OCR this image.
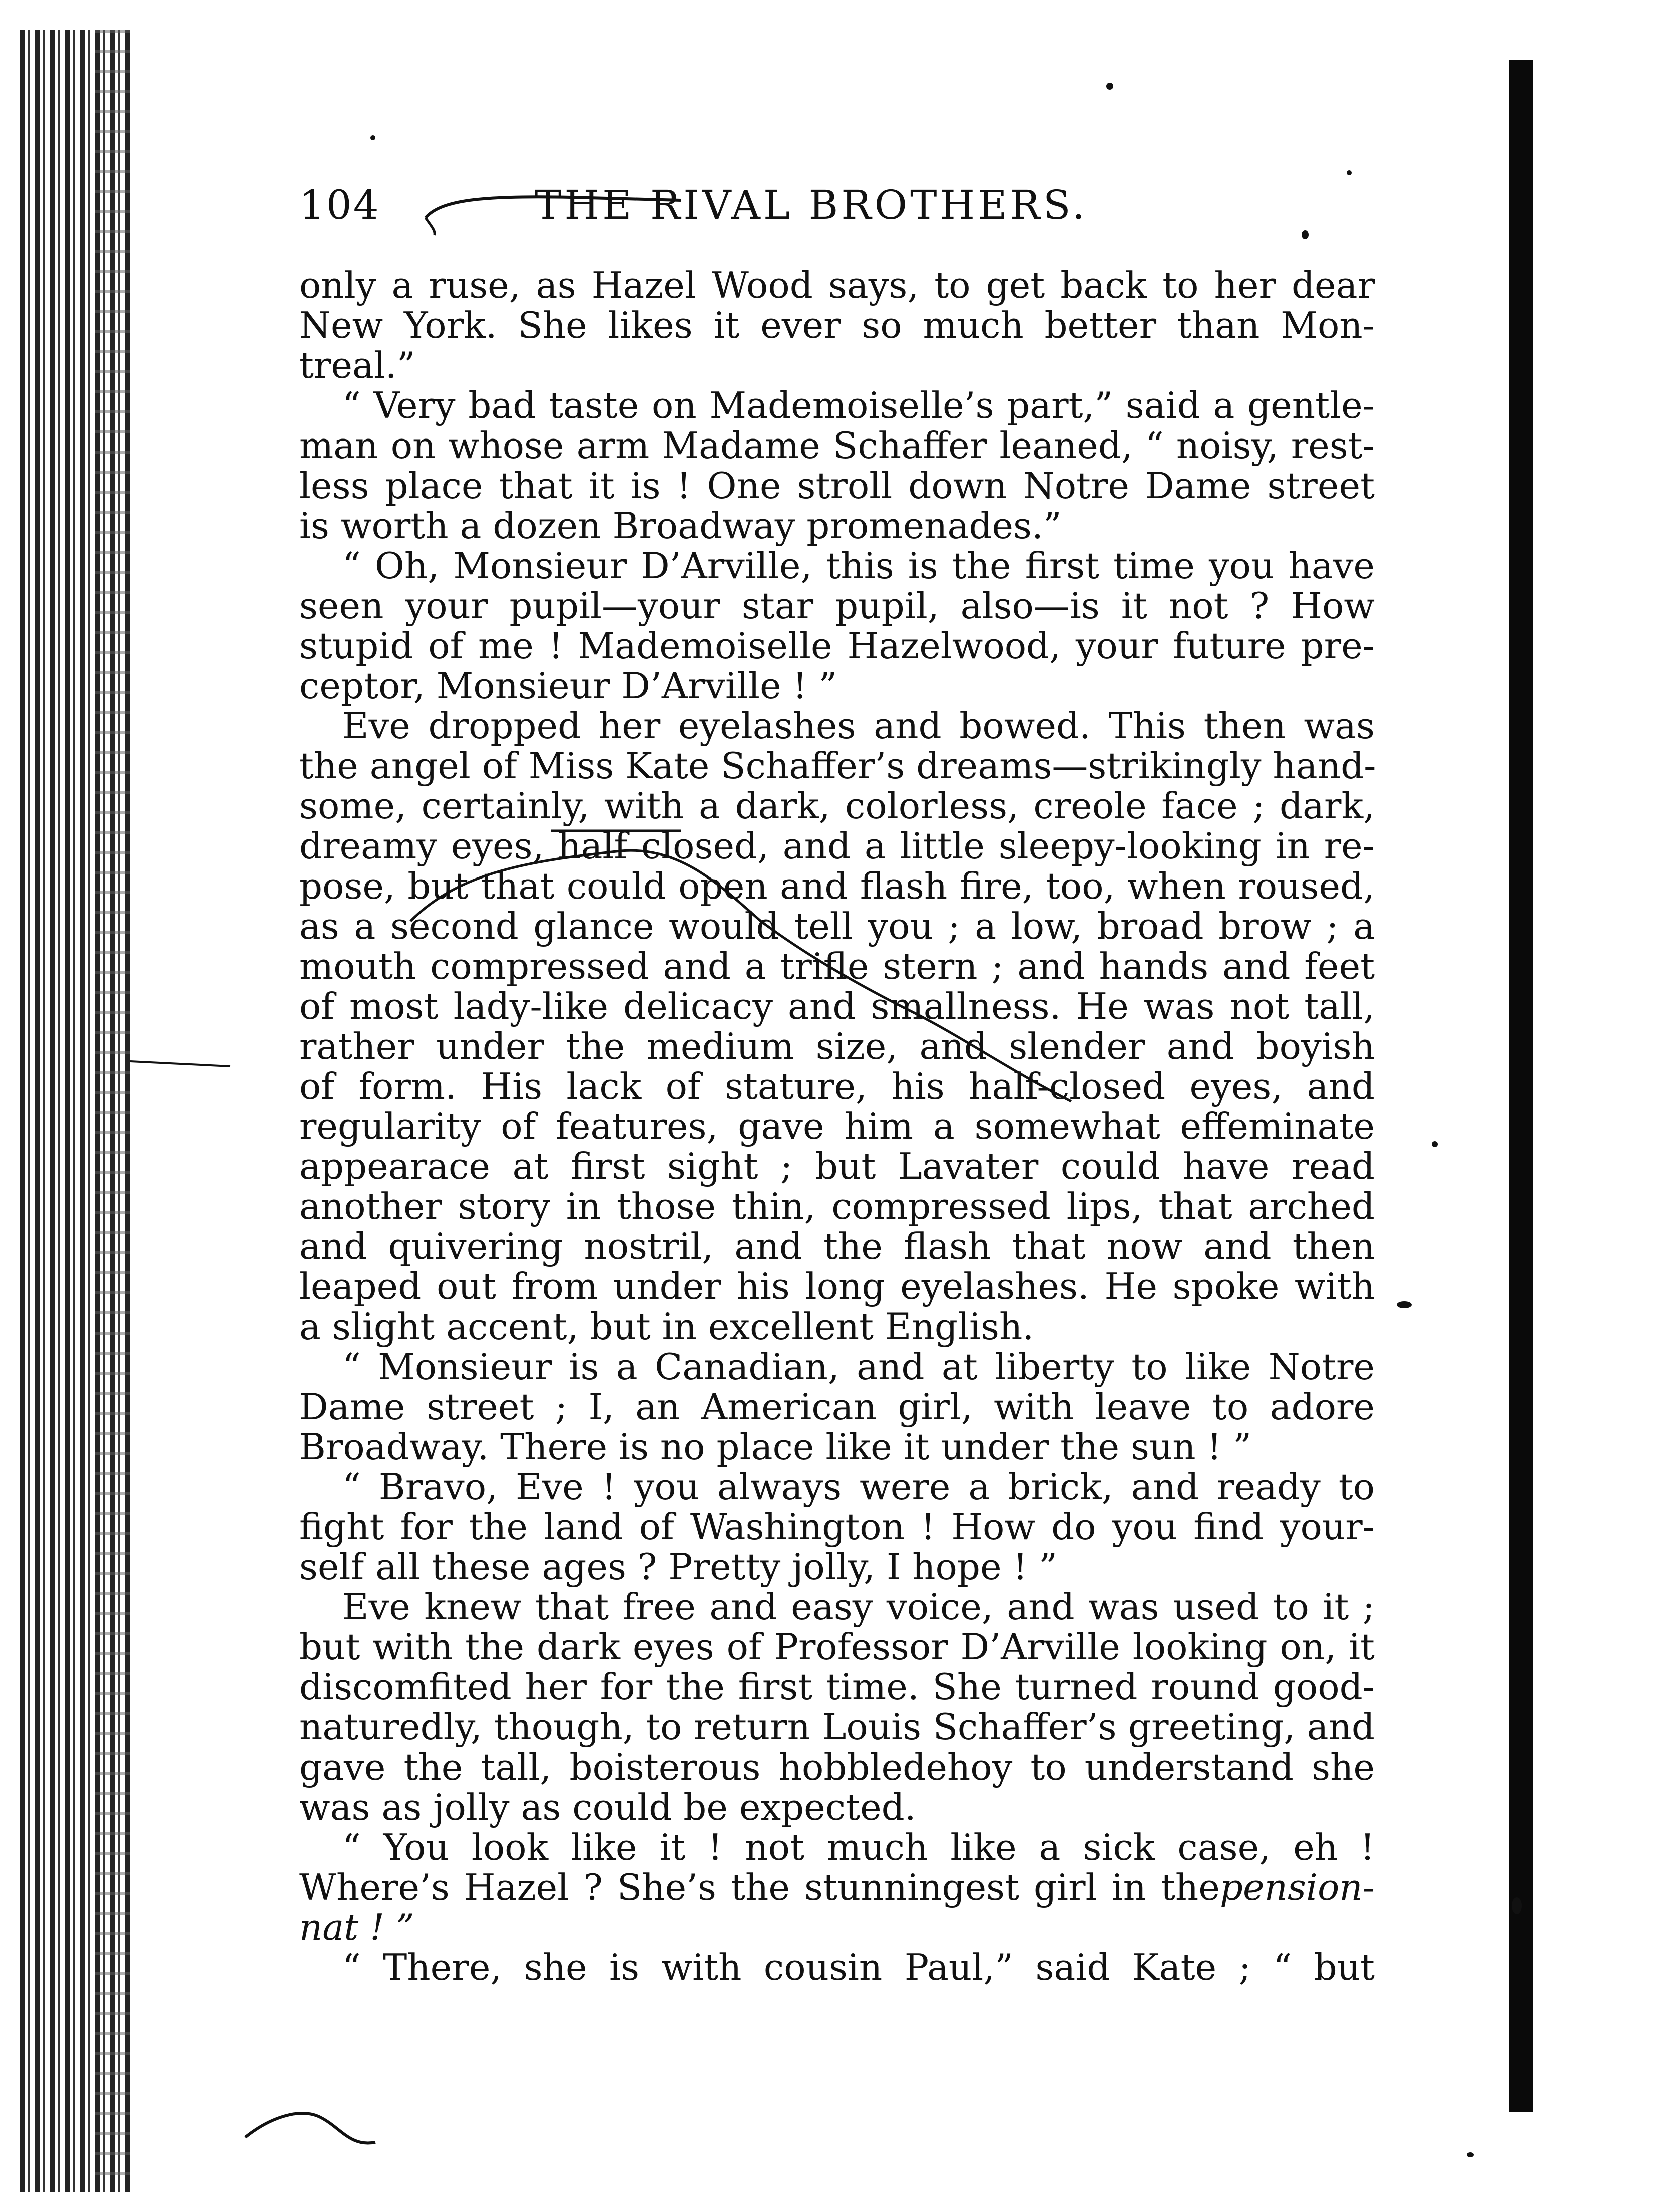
104	THE RIVAL BROTHERS.
only a ruse, as Hazel Wood says, to get back to her dear
New York. She likes it ever so much better than Mon-
treal.”
“ Very bad taste on Mademoiselle’s part,” said a gentle-
man on whose arm Madame Schaffer leaned, “ noisy, rest-
less place that it is ! One stroll down Notre Dame street
is worth a dozen Broadway promenades.”
“ Oh, Monsieur D’Arville, this is the first time you have
seen your pupil—your star pupil, also—is it not ? How
stupid of me ! Mademoiselle Hazelwood, your future pre-
ceptor, Monsieur D’Arville ! ”
Eve dropped her eyelashes and bowed. This then was
the angel of Miss Kate Schaffer’s dreams—strikingly hand-
some, certainly, with a dark, colorless, creole face ; dark,
dreamy eyes, half closed, and a little sleepy-looking in re-
pose, but that could open and flash fire, too, when roused,
as a second glance would tell you ; a low, broad brow ; a
mouth compressed and a trifle stern ; and hands and feet
of most lady-like delicacy and smallness. He was not tall,
rather under the medium size, and slender and boyish
of form. His lack of stature, his half-closed eyes, and
regularity of features, gave him a somewhat effeminate
appearace at first sight ; but Lavater could have read
another story in those thin, compressed lips, that arched
and quivering nostril, and the flash that now and then
leaped out from under his long eyelashes. He spoke with
a slight accent, but in excellent English.
“ Monsieur is a Canadian, and at liberty to like Notre
Dame street ; I, an American girl, with leave to adore
Broadway. There is no place like it under the sun ! ”
“ Bravo, Eve ! you always were a brick, and ready to
fight for the land of Washington ! How do you find your-
self all these ages ? Pretty jolly, I hope ! ”
Eve knew that free and easy voice, and was used to it ;
but with the dark eyes of Professor D’Arville looking on, it
discomfited her for the first time. She turned round good-
naturedly, though, to return Louis Schaffer’s greeting, and
gave the tall, boisterous hobbledehoy to understand she
was as jolly as could be expected.
“ You look like it ! not much like a sick case, eh !
Where’s Hazel ? She’s the stunningest girl in thepension-
nat ! ”
“ There, she is with cousin Paul,” said Kate ; “ but
